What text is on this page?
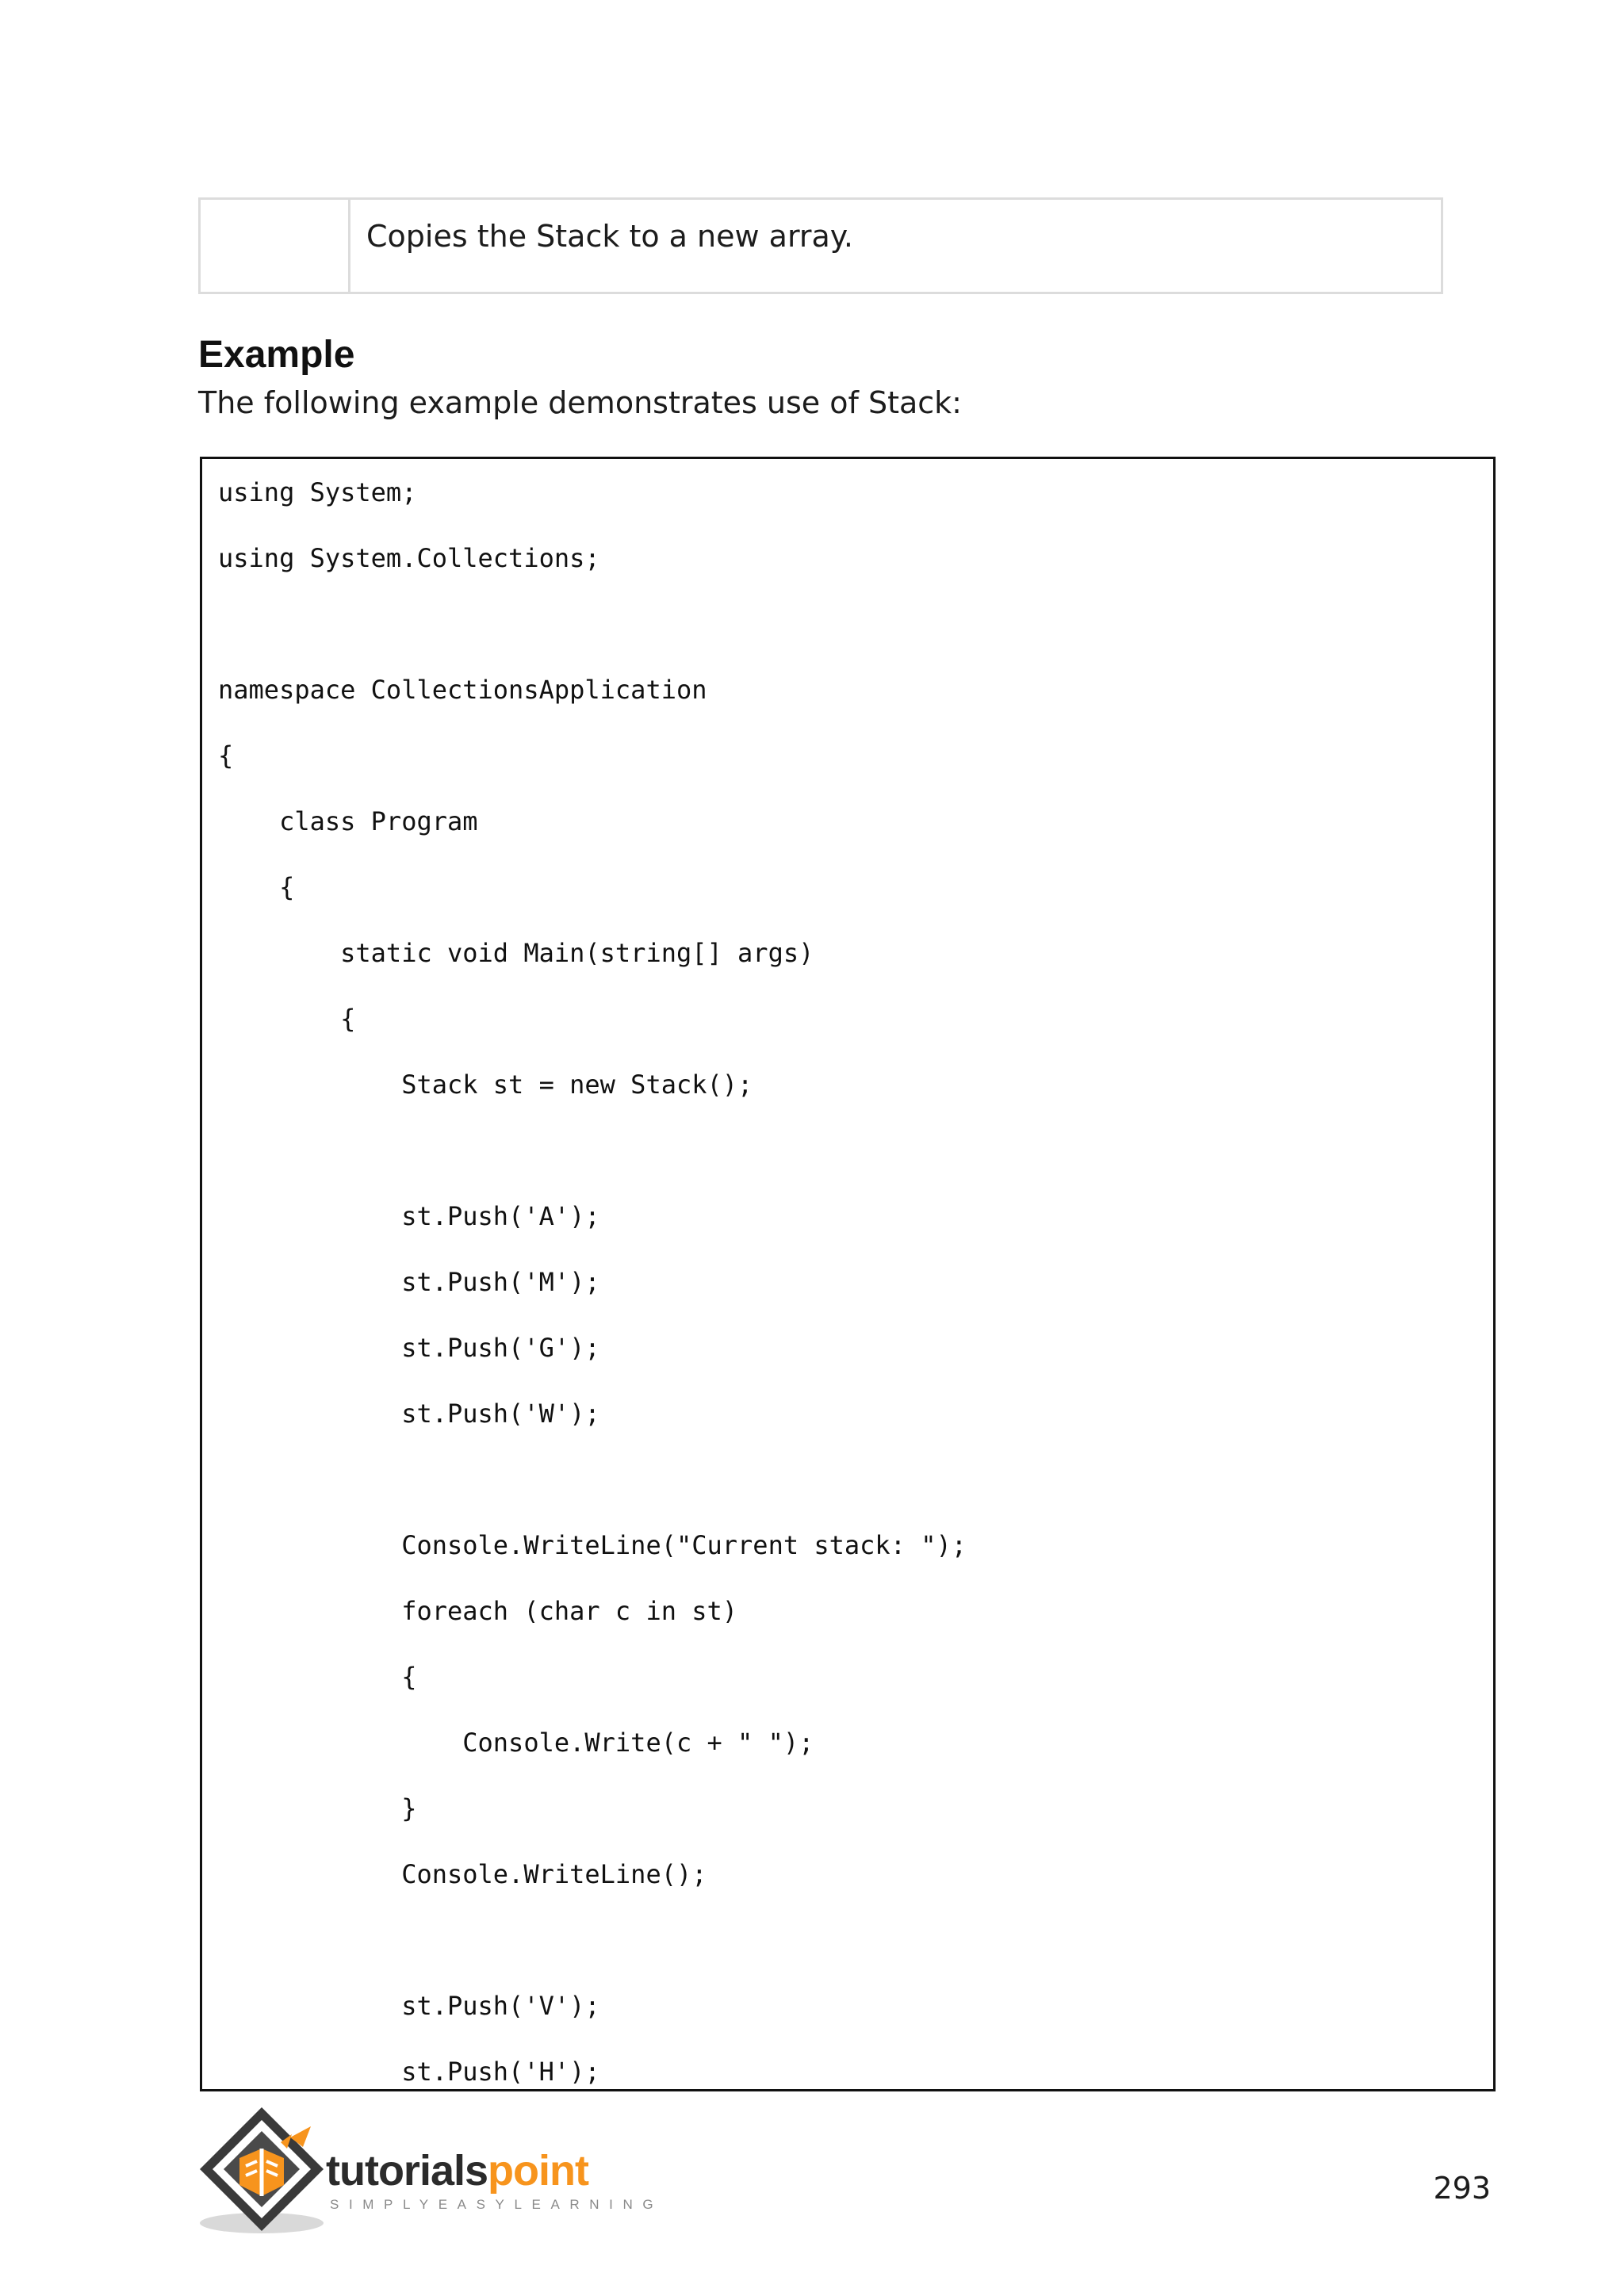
	Copies the Stack to a new array.
Example

The following example demonstrates use of Stack:

using System;
using System.Collections;
namespace CollectionsApplication
{
class Program
{
static void Main(string[] args)
{
Stack st = new Stack();
st.Push('A');
st.Push('M');
st.Push('G');
st.Push('W');
Console.WriteLine("Current stack: ");
foreach (char c in st)
{
Console.Write(c + " ");
}
Console.WriteLine();
st.Push('V');
st.Push('H');
tutorialspoint
SIMPLYEASYLEARNING	293
